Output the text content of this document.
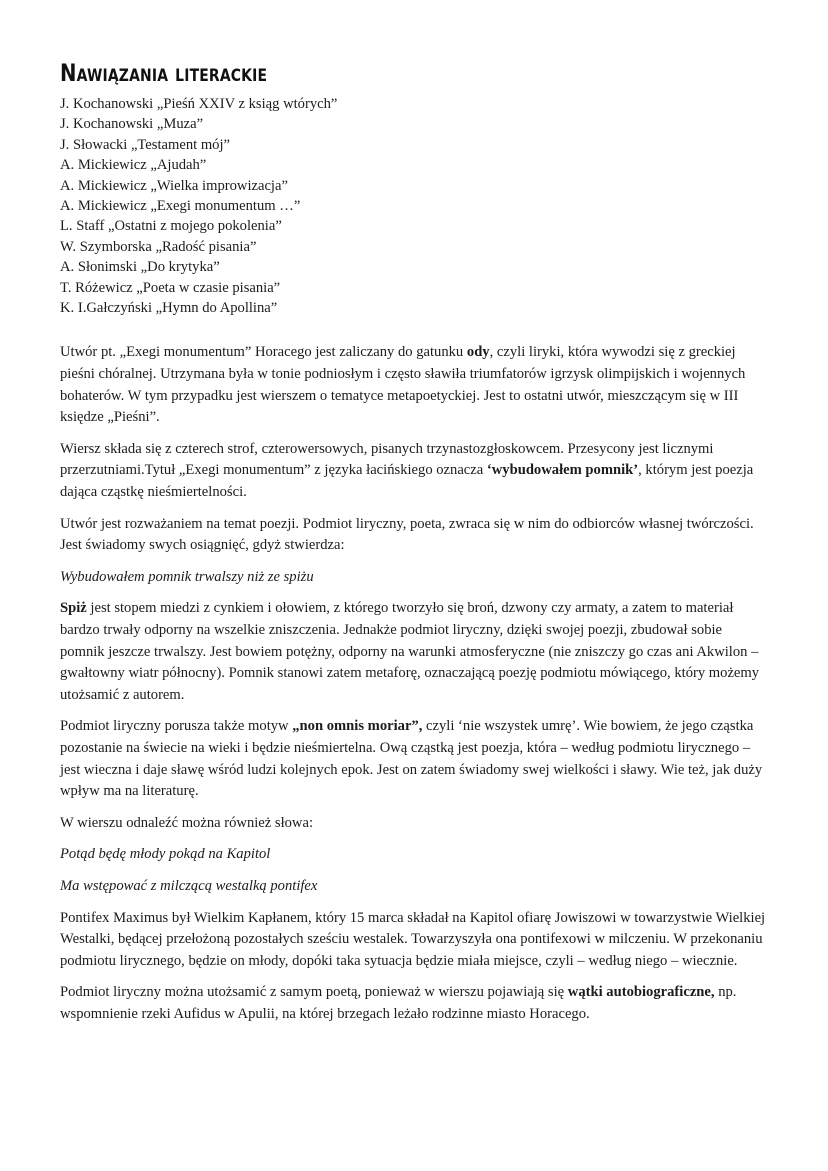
Nawiązania literackie
J. Kochanowski „Pieśń XXIV z ksiąg wtórych”
J. Kochanowski „Muza”
J. Słowacki „Testament mój”
A. Mickiewicz „Ajudah”
A. Mickiewicz „Wielka improwizacja”
A. Mickiewicz „Exegi monumentum …”
L. Staff „Ostatni z mojego pokolenia”
W. Szymborska „Radość pisania”
A. Słonimski „Do krytyka”
T. Różewicz „Poeta w czasie pisania”
K. I.Gałczyński „Hymn do Apollina”

Utwór pt. „Exegi monumentum” Horacego jest zaliczany do gatunku ody, czyli liryki, która wywodzi się z greckiej pieśni chóralnej. Utrzymana była w tonie podniosłym i często sławiła triumfatorów igrzysk olimpijskich i wojennych bohaterów. W tym przypadku jest wierszem o tematyce metapoetyckiej. Jest to ostatni utwór, mieszczącym się w III księdze „Pieśni”.

Wiersz składa się z czterech strof, czterowersowych, pisanych trzynastozgłoskowcem. Przesycony jest licznymi przerzutniami.Tytuł „Exegi monumentum” z języka łacińskiego oznacza ‘wybudowałem pomnik’, którym jest poezja dająca cząstkę nieśmiertelności.

Utwór jest rozważaniem na temat poezji. Podmiot liryczny, poeta, zwraca się w nim do odbiorców własnej twórczości. Jest świadomy swych osiągnięć, gdyż stwierdza:

Wybudowałem pomnik trwalszy niż ze spiżu

Spiż jest stopem miedzi z cynkiem i ołowiem, z którego tworzyło się broń, dzwony czy armaty, a zatem to materiał bardzo trwały odporny na wszelkie zniszczenia. Jednakże podmiot liryczny, dzięki swojej poezji, zbudował sobie pomnik jeszcze trwalszy. Jest bowiem potężny, odporny na warunki atmosferyczne (nie zniszczy go czas ani Akwilon – gwałtowny wiatr północny). Pomnik stanowi zatem metaforę, oznaczającą poezję podmiotu mówiącego, który możemy utożsamić z autorem.

Podmiot liryczny porusza także motyw „non omnis moriar”, czyli ‘nie wszystek umrę’. Wie bowiem, że jego cząstka pozostanie na świecie na wieki i będzie nieśmiertelna. Ową cząstką jest poezja, która – według podmiotu lirycznego – jest wieczna i daje sławę wśród ludzi kolejnych epok. Jest on zatem świadomy swej wielkości i sławy. Wie też, jak duży wpływ ma na literaturę.

W wierszu odnaleźć można również słowa:

Potąd będę młody pokąd na Kapitol

Ma wstępować z milczącą westalką pontifex

Pontifex Maximus był Wielkim Kapłanem, który 15 marca składał na Kapitol ofiarę Jowiszowi w towarzystwie Wielkiej Westalki, będącej przełożoną pozostałych sześciu westalek. Towarzyszyła ona pontifexowi w milczeniu. W przekonaniu podmiotu lirycznego, będzie on młody, dopóki taka sytuacja będzie miała miejsce, czyli – według niego – wiecznie.

Podmiot liryczny można utożsamić z samym poetą, ponieważ w wierszu pojawiają się wątki autobiograficzne, np. wspomnienie rzeki Aufidus w Apulii, na której brzegach leżało rodzinne miasto Horacego.
